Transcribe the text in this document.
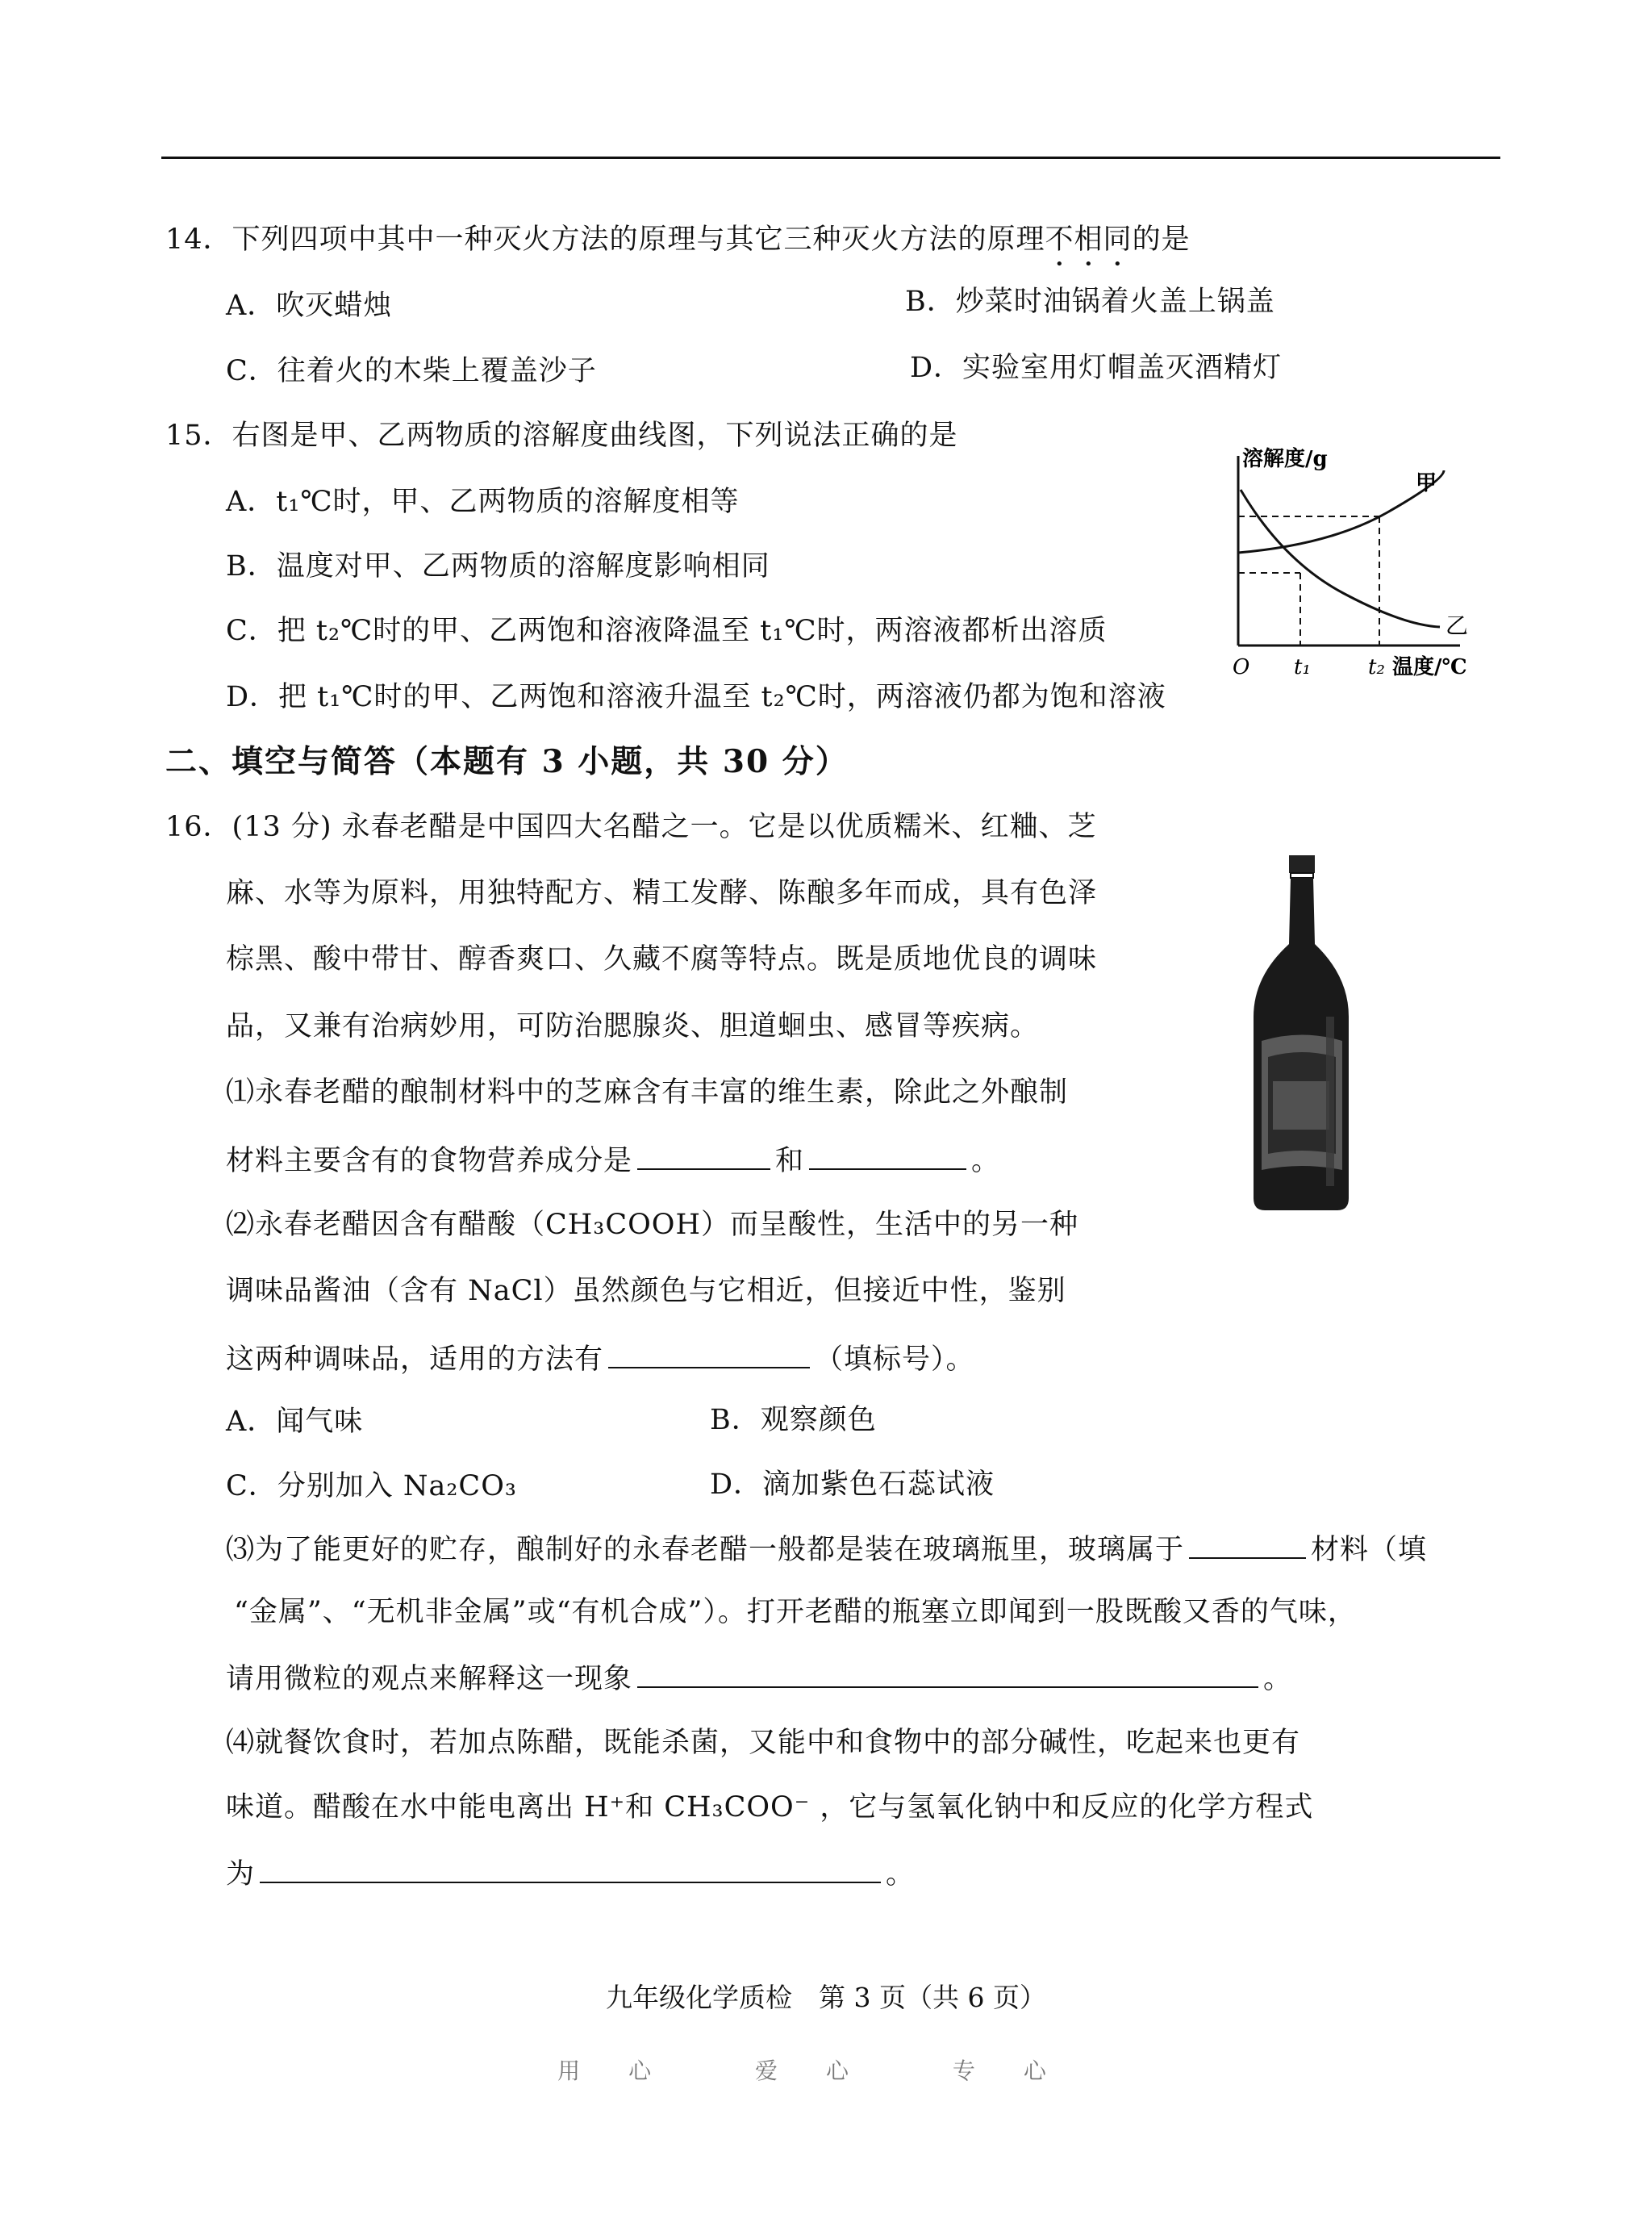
14．下列四项中其中一种灭火方法的原理与其它三种灭火方法的原理不相同的是
A．吹灭蜡烛	B．炒菜时油锅着火盖上锅盖
C．往着火的木柴上覆盖沙子	D．实验室用灯帽盖灭酒精灯
15．右图是甲、乙两物质的溶解度曲线图，下列说法正确的是
A．t₁℃时，甲、乙两物质的溶解度相等
B．温度对甲、乙两物质的溶解度影响相同
C．把 t₂℃时的甲、乙两饱和溶液降温至 t₁℃时，两溶液都析出溶质
D．把 t₁℃时的甲、乙两饱和溶液升温至 t₂℃时，两溶液仍都为饱和溶液
溶解度/g
甲
乙
O t₁	t₂ 温度/℃
二、填空与简答（本题有 3 小题，共 30 分）
16．(13 分) 永春老醋是中国四大名醋之一。它是以优质糯米、红粬、芝
麻、水等为原料，用独特配方、精工发酵、陈酿多年而成，具有色泽
棕黑、酸中带甘、醇香爽口、久藏不腐等特点。既是质地优良的调味
品，又兼有治病妙用，可防治腮腺炎、胆道蛔虫、感冒等疾病。
⑴永春老醋的酿制材料中的芝麻含有丰富的维生素，除此之外酿制
材料主要含有的食物营养成分是	和	。
⑵永春老醋因含有醋酸（CH₃COOH）而呈酸性，生活中的另一种
调味品酱油（含有 NaCl）虽然颜色与它相近，但接近中性，鉴别
这两种调味品，适用的方法有	（填标号）。
A．闻气味	B．观察颜色
C．分别加入 Na₂CO₃	D．滴加紫色石蕊试液
⑶为了能更好的贮存，酿制好的永春老醋一般都是装在玻璃瓶里，玻璃属于	材料（填
“金属”、“无机非金属”或“有机合成”）。打开老醋的瓶塞立即闻到一股既酸又香的气味，
请用微粒的观点来解释这一现象	。
⑷就餐饮食时，若加点陈醋，既能杀菌，又能中和食物中的部分碱性，吃起来也更有
味道。醋酸在水中能电离出 H⁺和 CH₃COO⁻ ，它与氢氧化钠中和反应的化学方程式
为	。
九年级化学质检　第 3 页（共 6 页）
用心 爱心 专心
